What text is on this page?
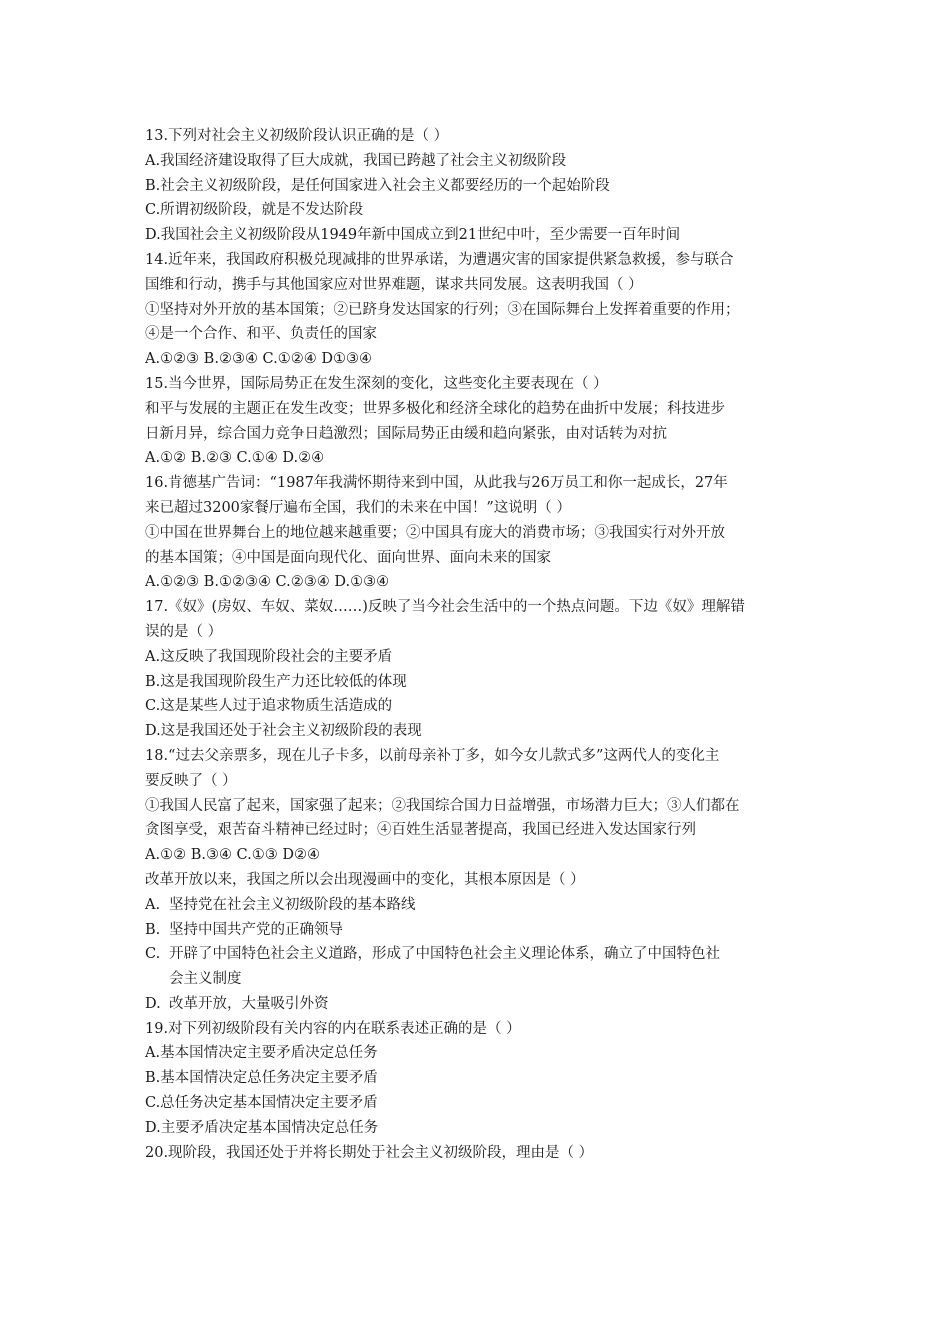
13.下列对社会主义初级阶段认识正确的是（ ）
A.我国经济建设取得了巨大成就，我国已跨越了社会主义初级阶段
B.社会主义初级阶段，是任何国家进入社会主义都要经历的一个起始阶段
C.所谓初级阶段，就是不发达阶段
D.我国社会主义初级阶段从1949年新中国成立到21世纪中叶，至少需要一百年时间
14.近年来，我国政府积极兑现减排的世界承诺，为遭遇灾害的国家提供紧急救援，参与联合
国维和行动，携手与其他国家应对世界难题，谋求共同发展。这表明我国（ ）
①坚持对外开放的基本国策；②已跻身发达国家的行列；③在国际舞台上发挥着重要的作用；
④是一个合作、和平、负责任的国家
A.①②③ B.②③④ C.①②④ D①③④
15.当今世界，国际局势正在发生深刻的变化，这些变化主要表现在（ ）
和平与发展的主题正在发生改变；世界多极化和经济全球化的趋势在曲折中发展；科技进步
日新月异，综合国力竞争日趋激烈；国际局势正由缓和趋向紧张，由对话转为对抗
A.①② B.②③ C.①④ D.②④
16.肯德基广告词：“1987年我满怀期待来到中国，从此我与26万员工和你一起成长，27年
来已超过3200家餐厅遍布全国，我们的未来在中国！”这说明（ ）
①中国在世界舞台上的地位越来越重要；②中国具有庞大的消费市场；③我国实行对外开放
的基本国策；④中国是面向现代化、面向世界、面向未来的国家
A.①②③ B.①②③④ C.②③④ D.①③④
17.《奴》(房奴、车奴、菜奴……)反映了当今社会生活中的一个热点问题。下边《奴》理解错
误的是（ ）
A.这反映了我国现阶段社会的主要矛盾
B.这是我国现阶段生产力还比较低的体现
C.这是某些人过于追求物质生活造成的
D.这是我国还处于社会主义初级阶段的表现
18.“过去父亲票多，现在儿子卡多，以前母亲补丁多，如今女儿款式多”这两代人的变化主
要反映了（ ）
①我国人民富了起来，国家强了起来；②我国综合国力日益增强，市场潜力巨大；③人们都在
贪图享受，艰苦奋斗精神已经过时；④百姓生活显著提高，我国已经进入发达国家行列
A.①② B.③④ C.①③ D②④
改革开放以来，我国之所以会出现漫画中的变化，其根本原因是（ ）
A. 坚持党在社会主义初级阶段的基本路线
B. 坚持中国共产党的正确领导
C. 开辟了中国特色社会主义道路，形成了中国特色社会主义理论体系，确立了中国特色社
会主义制度
D. 改革开放，大量吸引外资
19.对下列初级阶段有关内容的内在联系表述正确的是（ ）
A.基本国情决定主要矛盾决定总任务
B.基本国情决定总任务决定主要矛盾
C.总任务决定基本国情决定主要矛盾
D.主要矛盾决定基本国情决定总任务
20.现阶段，我国还处于并将长期处于社会主义初级阶段，理由是（ ）
